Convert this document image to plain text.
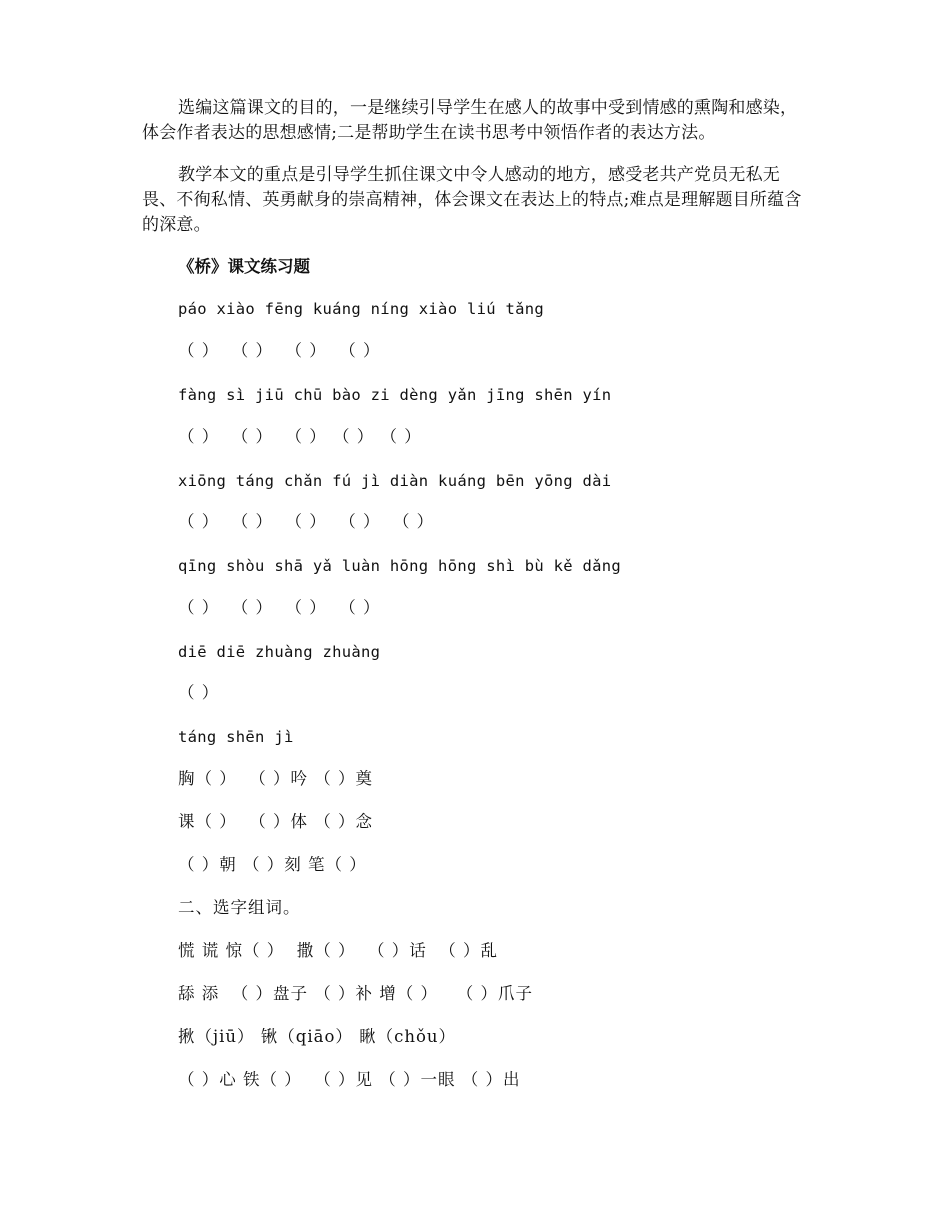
选编这篇课文的目的，一是继续引导学生在感人的故事中受到情感的熏陶和感染，体会作者表达的思想感情;二是帮助学生在读书思考中领悟作者的表达方法。

教学本文的重点是引导学生抓住课文中令人感动的地方，感受老共产党员无私无畏、不徇私情、英勇献身的崇高精神，体会课文在表达上的特点;难点是理解题目所蕴含的深意。

《桥》课文练习题
páo xiào fēng kuáng níng xiào liú tǎng
（ ）  （ ）  （ ）  （ ）
fàng sì jiū chū bào zi dèng yǎn jīng shēn yín
（ ）  （ ）  （ ） （ ） （ ）
xiōng táng chǎn fú jì diàn kuáng bēn yōng dài
（ ）  （ ）  （ ）  （ ）  （ ）
qīng shòu shā yǎ luàn hōng hōng shì bù kě dǎng
（ ）  （ ）  （ ）  （ ）
diē diē zhuàng zhuàng
（ ）
táng shēn jì
胸（ ）  （ ）吟 （ ）奠
课（ ）  （ ）体 （ ）念
（ ）朝 （ ）刻 笔（ ）
二、选字组词。
慌 谎 惊（ ）  撒（ ）  （ ）话  （ ）乱
舔 添  （ ）盘子 （ ）补 增（ ）   （ ）爪子
揪（jiū） 锹（qiāo） 瞅（chǒu）
（ ）心 铁（ ）  （ ）见 （ ）一眼 （ ）出
